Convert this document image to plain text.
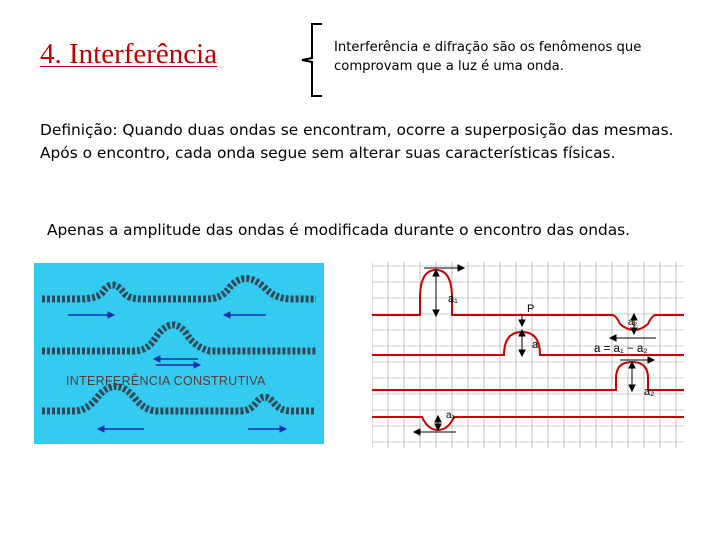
4. Interferência	Interferência e difração são os fenômenos que comprovam que a luz é uma onda.
Definição: Quando duas ondas se encontram, ocorre a superposição das mesmas. Após o encontro, cada onda segue sem alterar suas características físicas.
Apenas a amplitude das ondas é modificada durante o encontro das ondas.
INTERFERÊNCIA CONSTRUTIVA
a₁
a₂
P
a	a = a₁ − a₂
a₂
a₁
